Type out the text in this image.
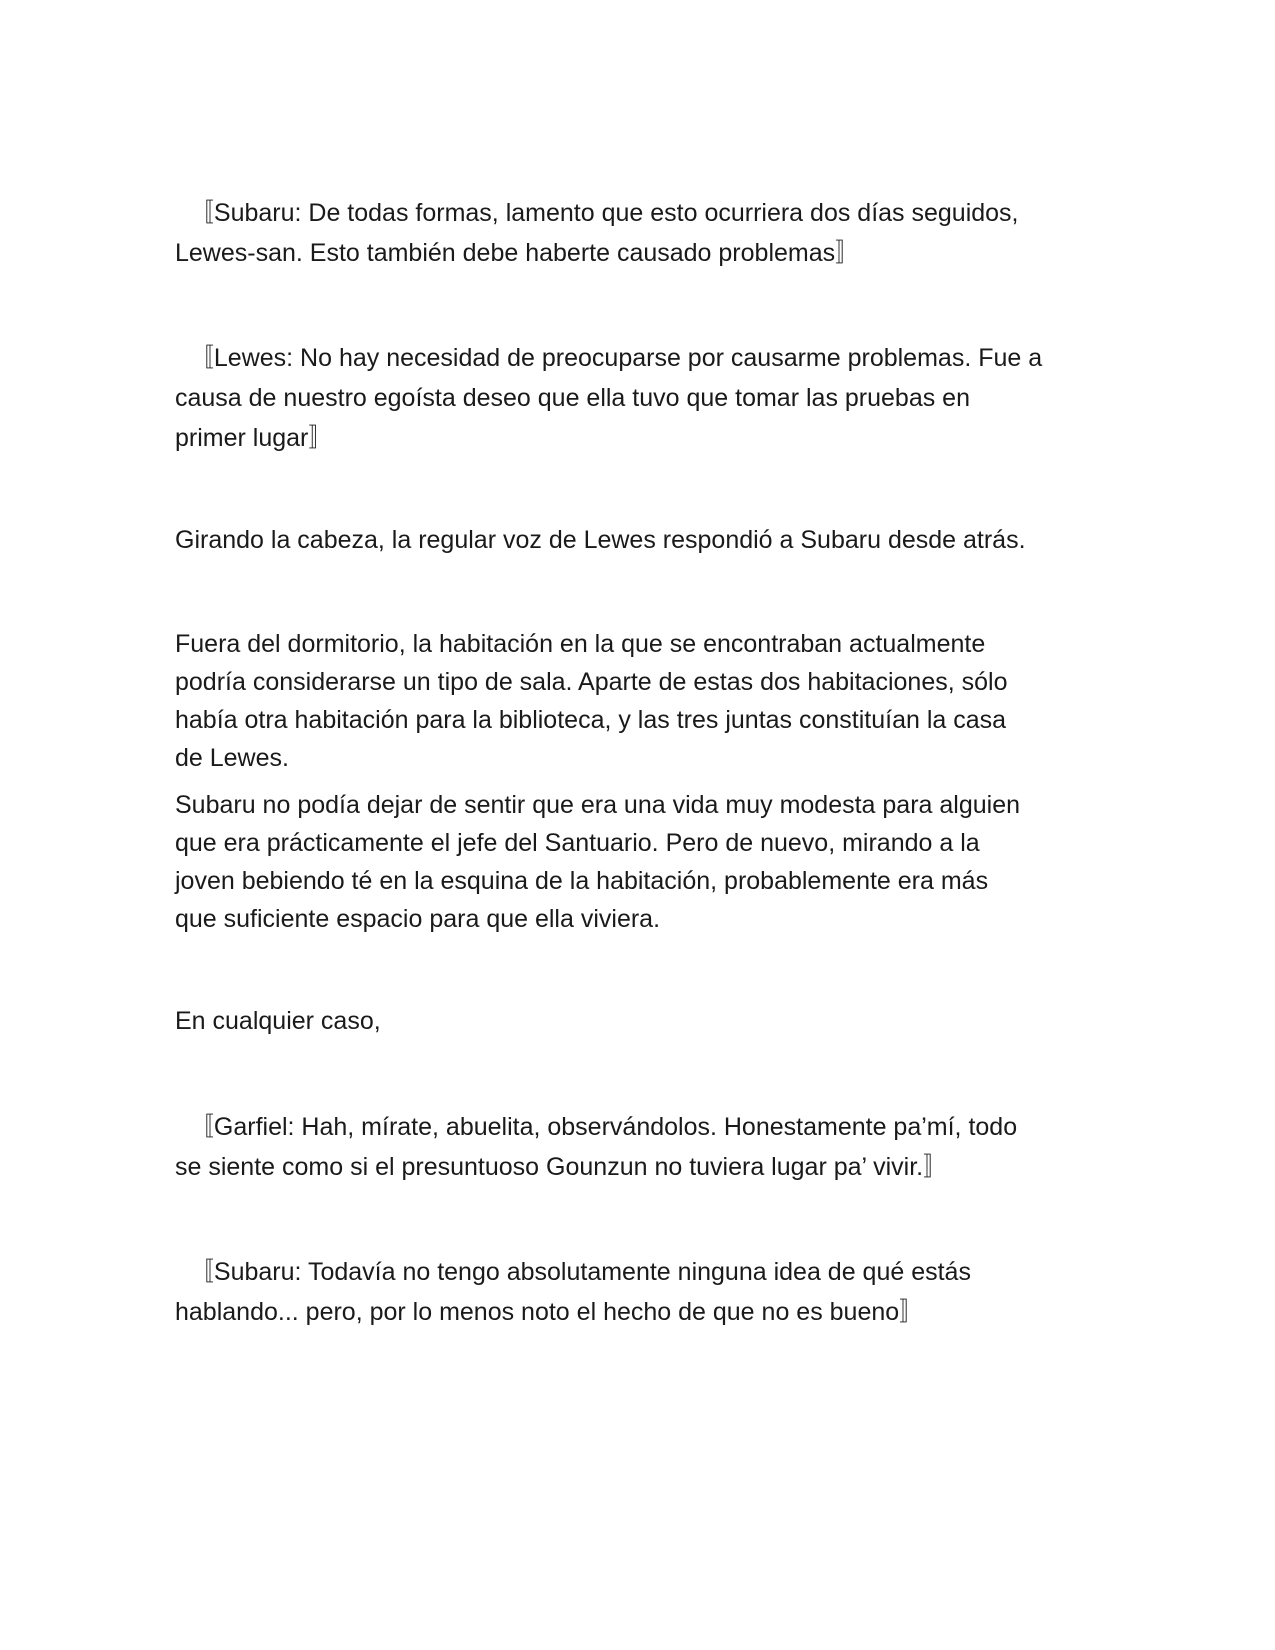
〚Subaru: De todas formas, lamento que esto ocurriera dos días seguidos,
Lewes-san. Esto también debe haberte causado problemas〛

〚Lewes: No hay necesidad de preocuparse por causarme problemas. Fue a
causa de nuestro egoísta deseo que ella tuvo que tomar las pruebas en
primer lugar〛

Girando la cabeza, la regular voz de Lewes respondió a Subaru desde atrás.

Fuera del dormitorio, la habitación en la que se encontraban actualmente
podría considerarse un tipo de sala. Aparte de estas dos habitaciones, sólo
había otra habitación para la biblioteca, y las tres juntas constituían la casa
de Lewes.

Subaru no podía dejar de sentir que era una vida muy modesta para alguien
que era prácticamente el jefe del Santuario. Pero de nuevo, mirando a la
joven bebiendo té en la esquina de la habitación, probablemente era más
que suficiente espacio para que ella viviera.

En cualquier caso,

〚Garfiel: Hah, mírate, abuelita, observándolos. Honestamente pa’mí, todo
se siente como si el presuntuoso Gounzun no tuviera lugar pa’ vivir.〛

〚Subaru: Todavía no tengo absolutamente ninguna idea de qué estás
hablando... pero, por lo menos noto el hecho de que no es bueno〛
